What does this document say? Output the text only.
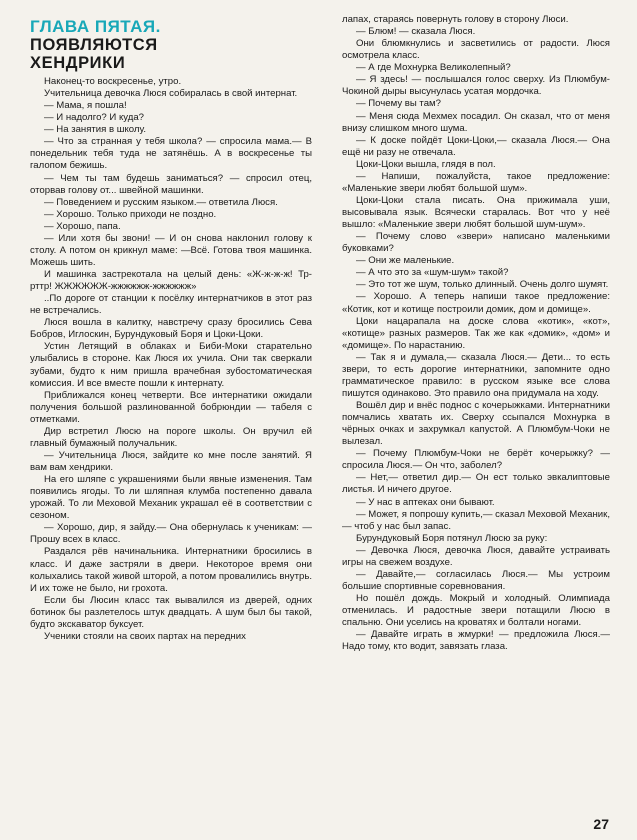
ГЛАВА ПЯТАЯ.
ПОЯВЛЯЮТСЯ
ХЕНДРИКИ

Наконец-то воскресенье, утро.

Учительница девочка Люся собиралась в свой интернат.

— Мама, я пошла!

— И надолго? И куда?

— На занятия в школу.

— Что за странная у тебя школа? — спросила мама.— В понедельник тебя туда не затянёшь. А в воскресенье ты галопом бежишь.

— Чем ты там будешь заниматься? — спросил отец, оторвав голову от... швейной машинки.

— Поведением и русским языком.— ответила Люся.

— Хорошо. Только приходи не поздно.

— Хорошо, папа.

— Или хотя бы звони! — И он снова наклонил голову к столу. А потом он крикнул маме: —Всё. Готова твоя машинка. Можешь шить.

И машинка застрекотала на целый день: «Ж-ж-ж-ж! Тр-рттр! ЖЖЖЖЖЖ-жжжжжж-жжжжжж»

..По дороге от станции к посёлку интернатчиков в этот раз не встречались.

Люся вошла в калитку, навстречу сразу бросились Сева Бобров, Иглоскин, Бурундуковый Боря и Цоки-Цоки.

Устин Летящий в облаках и Биби-Моки старательно улыбались в стороне. Как Люся их учила. Они так сверкали зубами, будто к ним пришла врачебная зубостоматическая комиссия. И все вместе пошли к интернату.

Приближался конец четверти. Все интернатики ожидали получения большой разлинованной бобрюндии — табеля с отметками.

Дир встретил Люсю на пороге школы. Он вручил ей главный бумажный получальник.

— Учительница Люся, зайдите ко мне после занятий. Я вам вам хендрики.

На его шляпе с украшениями были явные изменения. Там появились ягоды. То ли шляпная клумба постепенно давала урожай. То ли Меховой Механик украшал её в соответствии с сезоном.

— Хорошо, дир, я зайду.— Она обернулась к ученикам: — Прошу всех в класс.

Раздался рёв начинальника. Интернатники бросились в класс. И даже застряли в двери. Некоторое время они колыхались такой живой шторой, а потом провалились внутрь. И их тоже не было, ни грохота.

Если бы Люсин класс так вывалился из дверей, одних ботинок бы разлетелось штук двадцать. А шум был бы такой, будто экскаватор буксует.

Ученики стояли на своих партах на передних

лапах, стараясь повернуть голову в сторону Люси.

— Блюм! — сказала Люся.

Они блюмкнулись и засветились от радости. Люся осмотрела класс.

— А где Мохнурка Великолепный?

— Я здесь! — послышался голос сверху. Из Плюмбум-Чокиной дыры высунулась усатая мордочка.

— Почему вы там?

— Меня сюда Мехмех посадил. Он сказал, что от меня внизу слишком много шума.

— К доске пойдёт Цоки-Цоки,— сказала Люся.— Она ещё ни разу не отвечала.

Цоки-Цоки вышла, глядя в пол.

— Напиши, пожалуйста, такое предложение: «Маленькие звери любят большой шум».

Цоки-Цоки стала писать. Она прижимала уши, высовывала язык. Всячески старалась. Вот что у неё вышло: «Маленькие звери любят большой шум-шум».

— Почему слово «звери» написано маленькими буковками?

— Они же маленькие.

— А что это за «шум-шум» такой?

— Это тот же шум, только длинный. Очень долго шумят.

— Хорошо. А теперь напиши такое предложение: «Котик, кот и котище построили домик, дом и домище».

Цоки нацарапала на доске слова «котик», «кот», «котище» разных размеров. Так же как «домик», «дом» и «домище». По нарастанию.

— Так я и думала,— сказала Люся.— Дети... то есть звери, то есть дорогие интернатники, запомните одно грамматическое правило: в русском языке все слова пишутся одинаково. Это правило она придумала на ходу.

Вошёл дир и внёс поднос с кочерыжками. Интернатники помчались хватать их. Сверху ссыпался Мохнурка в чёрных очках и захрумкал капустой. А Плюмбум-Чоки не вылезал.

— Почему Плюмбум-Чоки не берёт кочерыжку? — спросила Люся.— Он что, заболел?

— Нет,— ответил дир.— Он ест только эвкалиптовые листья. И ничего другое.

— У нас в аптеках они бывают.

— Может, я попрошу купить,— сказал Меховой Механик,— чтоб у нас был запас.

Бурундуковый Боря потянул Люсю за руку:

— Девочка Люся, девочка Люся, давайте устраивать игры на свежем воздухе.

— Давайте,— согласилась Люся.— Мы устроим большие спортивные соревнования.

Но пошёл дождь. Мокрый и холодный. Олимпиада отменилась. И радостные звери потащили Люсю в спальню. Они уселись на кроватях и болтали ногами.

— Давайте играть в жмурки! — предложила Люся.— Надо тому, кто водит, завязать глаза.

27
